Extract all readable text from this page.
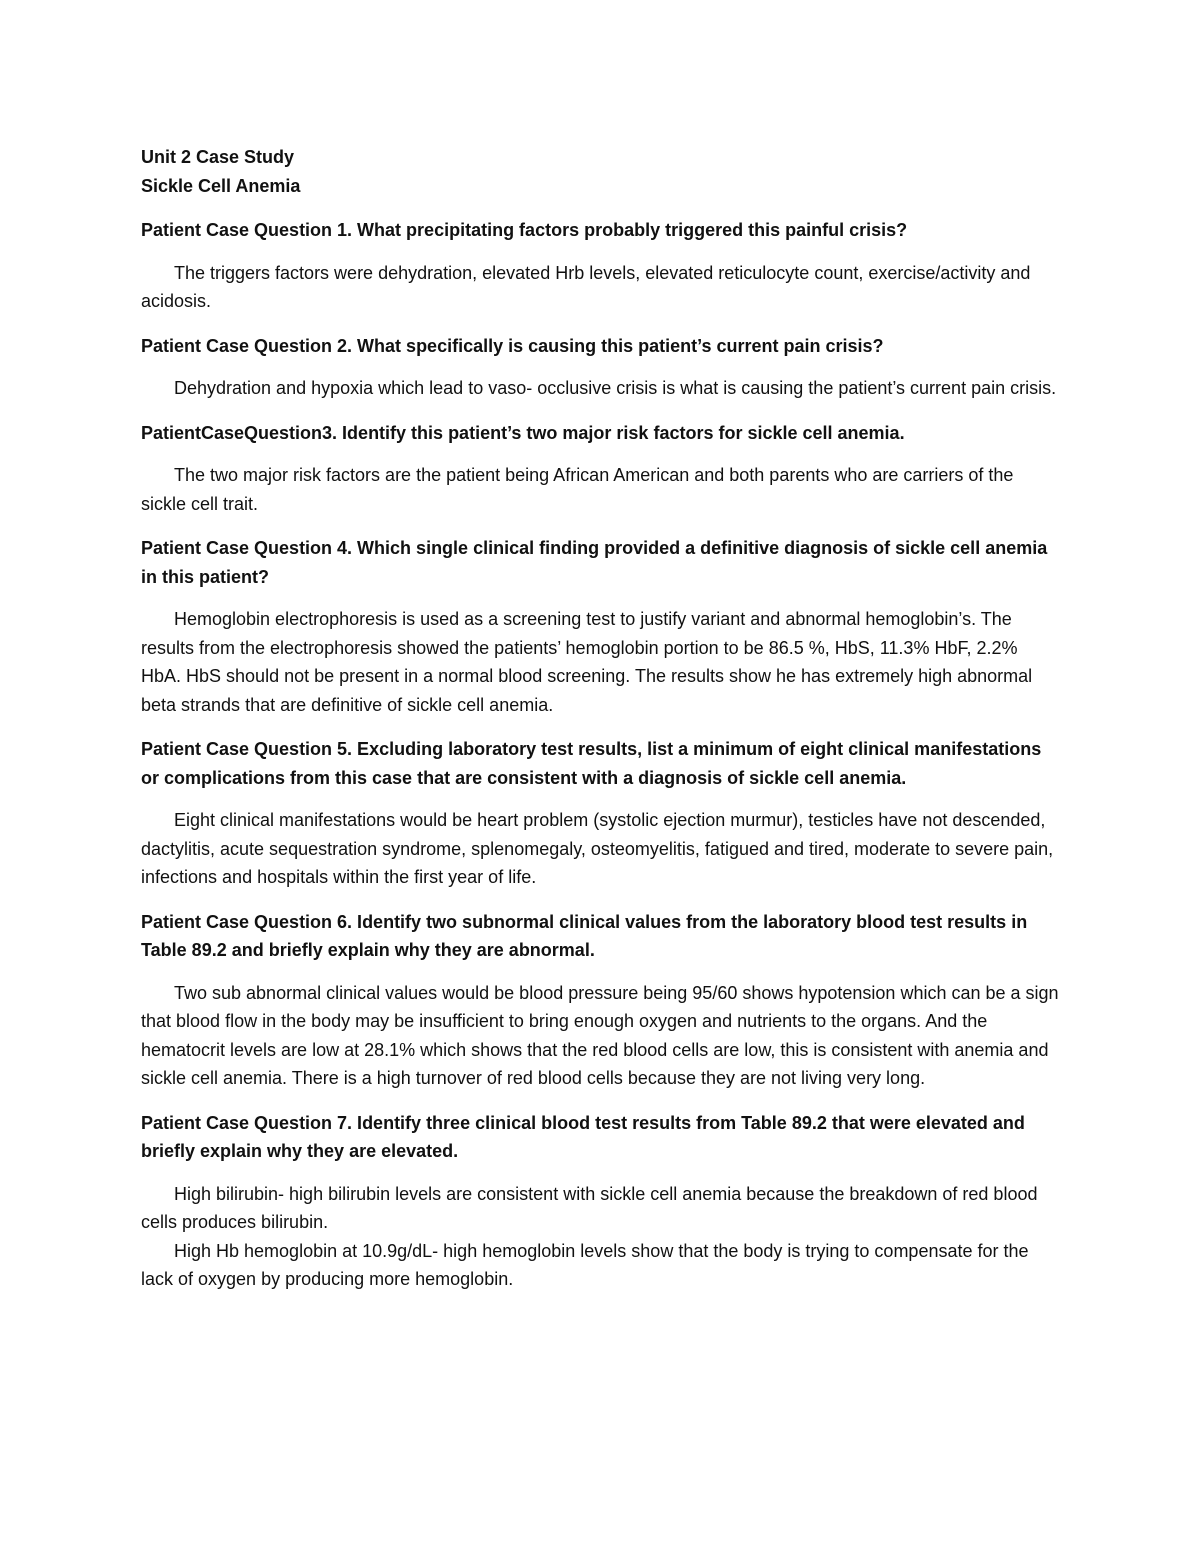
Unit 2 Case Study

Sickle Cell Anemia

Patient Case Question 1. What precipitating factors probably triggered this painful crisis?

The triggers factors were dehydration, elevated Hrb levels, elevated reticulocyte count, exercise/activity and acidosis.

Patient Case Question 2. What specifically is causing this patient’s current pain crisis?

Dehydration and hypoxia which lead to vaso- occlusive crisis is what is causing the patient’s current pain crisis.

PatientCaseQuestion3. Identify this patient’s two major risk factors for sickle cell anemia.

The two major risk factors are the patient being African American and both parents who are carriers of the sickle cell trait.

Patient Case Question 4. Which single clinical finding provided a definitive diagnosis of sickle cell anemia in this patient?

Hemoglobin electrophoresis is used as a screening test to justify variant and abnormal hemoglobin’s. The results from the electrophoresis showed the patients’ hemoglobin portion to be 86.5 %, HbS, 11.3% HbF, 2.2% HbA. HbS should not be present in a normal blood screening. The results show he has extremely high abnormal beta strands that are definitive of sickle cell anemia.

Patient Case Question 5. Excluding laboratory test results, list a minimum of eight clinical manifestations or complications from this case that are consistent with a diagnosis of sickle cell anemia.

Eight clinical manifestations would be heart problem (systolic ejection murmur), testicles have not descended, dactylitis, acute sequestration syndrome, splenomegaly, osteomyelitis, fatigued and tired, moderate to severe pain, infections and hospitals within the first year of life.

Patient Case Question 6. Identify two subnormal clinical values from the laboratory blood test results in Table 89.2 and briefly explain why they are abnormal.

Two sub abnormal clinical values would be blood pressure being 95/60 shows hypotension which can be a sign that blood flow in the body may be insufficient to bring enough oxygen and nutrients to the organs. And the hematocrit levels are low at 28.1% which shows that the red blood cells are low, this is consistent with anemia and sickle cell anemia. There is a high turnover of red blood cells because they are not living very long.

Patient Case Question 7. Identify three clinical blood test results from Table 89.2 that were elevated and briefly explain why they are elevated.

High bilirubin- high bilirubin levels are consistent with sickle cell anemia because the breakdown of red blood cells produces bilirubin.

High Hb hemoglobin at 10.9g/dL- high hemoglobin levels show that the body is trying to compensate for the lack of oxygen by producing more hemoglobin.
